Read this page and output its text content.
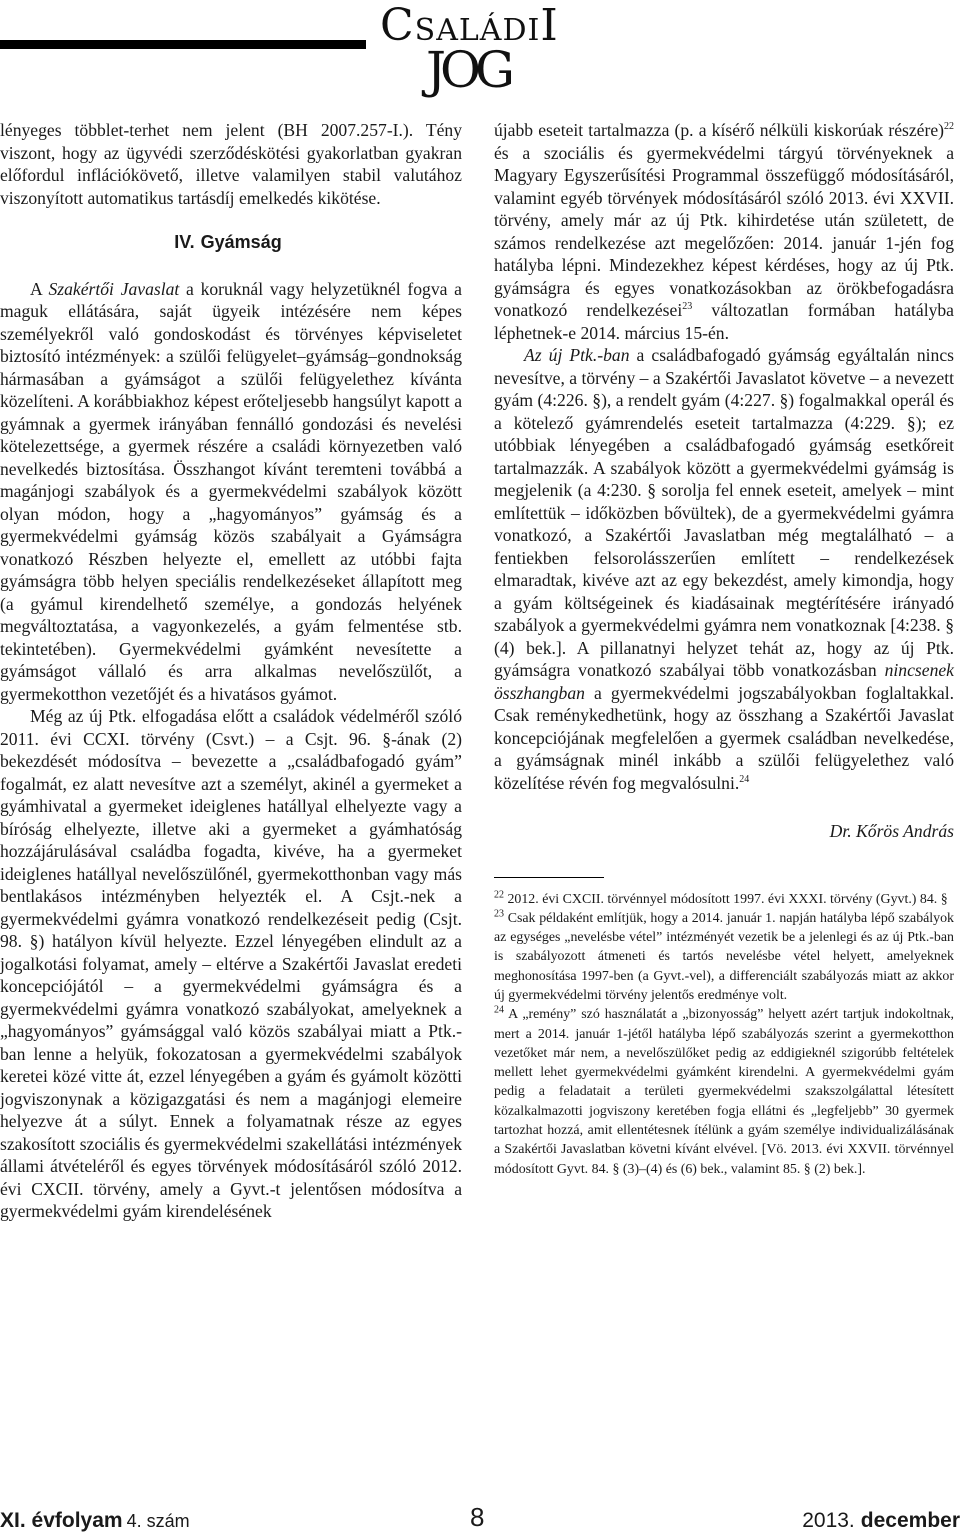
CSALÁDII
JOG

lényeges többlet-terhet nem jelent (BH 2007.257-I.). Tény viszont, hogy az ügyvédi szerződéskötési gyakorlatban gyakran előfordul inflációkövető, illetve valamilyen stabil valutához viszonyított automatikus tartásdíj emelkedés kikötése.

IV. Gyámság

A Szakértői Javaslat a koruknál vagy helyzetüknél fogva a maguk ellátására, saját ügyeik intézésére nem képes személyekről való gondoskodást és törvényes képviseletet biztosító intézmények: a szülői felügyelet–gyámság–gondnokság hármasában a gyámságot a szülői felügyelethez kívánta közelíteni. A korábbiakhoz képest erőteljesebb hangsúlyt kapott a gyámnak a gyermek irányában fennálló gondozási és nevelési kötelezettsége, a gyermek részére a családi környezetben való nevelkedés biztosítása. Összhangot kívánt teremteni továbbá a magánjogi szabályok és a gyermekvédelmi szabályok között olyan módon, hogy a „hagyományos” gyámság és a gyermekvédelmi gyámság közös szabályait a Gyámságra vonatkozó Részben helyezte el, emellett az utóbbi fajta gyámságra több helyen speciális rendelkezéseket állapított meg (a gyámul kirendelhető személye, a gondozás helyének megváltoztatása, a vagyonkezelés, a gyám felmentése stb. tekintetében). Gyermekvédelmi gyámként nevesítette a gyámságot vállaló és arra alkalmas nevelőszülőt, a gyermekotthon vezetőjét és a hivatásos gyámot.

Még az új Ptk. elfogadása előtt a családok védelméről szóló 2011. évi CCXI. törvény (Csvt.) – a Csjt. 96. §-ának (2) bekezdését módosítva – bevezette a „családbafogadó gyám” fogalmát, ez alatt nevesítve azt a személyt, akinél a gyermeket a gyámhivatal a gyermeket ideiglenes hatállyal elhelyezte vagy a bíróság elhelyezte, illetve aki a gyermeket a gyámhatóság hozzájárulásával családba fogadta, kivéve, ha a gyermeket ideiglenes hatállyal nevelőszülőnél, gyermekotthonban vagy más bentlakásos intézményben helyezték el. A Csjt.-nek a gyermekvédelmi gyámra vonatkozó rendelkezéseit pedig (Csjt. 98. §) hatályon kívül helyezte. Ezzel lényegében elindult az a jogalkotási folyamat, amely – eltérve a Szakértői Javaslat eredeti koncepciójától – a gyermekvédelmi gyámságra és a gyermekvédelmi gyámra vonatkozó szabályokat, amelyeknek a „hagyományos” gyámsággal való közös szabályai miatt a Ptk.-ban lenne a helyük, fokozatosan a gyermekvédelmi szabályok keretei közé vitte át, ezzel lényegében a gyám és gyámolt közötti jogviszonynak a közigazgatási és nem a magánjogi elemeire helyezve át a súlyt. Ennek a folyamatnak része az egyes szakosított szociális és gyermekvédelmi szakellátási intézmények állami átvételéről és egyes törvények módosításáról szóló 2012. évi CXCII. törvény, amely a Gyvt.-t jelentősen módosítva a gyermekvédelmi gyám kirendelésének

újabb eseteit tartalmazza (p. a kísérő nélküli kiskorúak részére)$^{22}$ és a szociális és gyermekvédelmi tárgyú törvényeknek a Magyary Egyszerűsítési Programmal összefüggő módosításáról, valamint egyéb törvények módosításáról szóló 2013. évi XXVII. törvény, amely már az új Ptk. kihirdetése után született, de számos rendelkezése azt megelőzően: 2014. január 1-jén fog hatályba lépni. Mindezekhez képest kérdéses, hogy az új Ptk. gyámságra és egyes vonatkozásokban az örökbefogadásra vonatkozó rendelkezései$^{23}$ változatlan formában hatályba léphetnek-e 2014. március 15-én.

Az új Ptk.-ban a családbafogadó gyámság egyáltalán nincs nevesítve, a törvény – a Szakértői Javaslatot követve – a nevezett gyám (4:226. §), a rendelt gyám (4:227. §) fogalmakkal operál és a kötelező gyámrendelés eseteit tartalmazza (4:229. §); ez utóbbiak lényegében a családbafogadó gyámság esetkőreit tartalmazzák. A szabályok között a gyermekvédelmi gyámság is megjelenik (a 4:230. § sorolja fel ennek eseteit, amelyek – mint említettük – időközben bővültek), de a gyermekvédelmi gyámra vonatkozó, a Szakértői Javaslatban még megtalálható – a fentiekben felsorolásszerűen említett – rendelkezések elmaradtak, kivéve azt az egy bekezdést, amely kimondja, hogy a gyám költségeinek és kiadásainak megtérítésére irányadó szabályok a gyermekvédelmi gyámra nem vonatkoznak [4:238. § (4) bek.]. A pillanatnyi helyzet tehát az, hogy az új Ptk. gyámságra vonatkozó szabályai több vonatkozásban nincsenek összhangban a gyermekvédelmi jogszabályokban foglaltakkal. Csak reménykedhetünk, hogy az összhang a Szakértői Javaslat koncepciójának megfelelően a gyermek családban nevelkedése, a gyámságnak minél inkább a szülői felügyelethez való közelítése révén fog megvalósulni.$^{24}$

Dr. Kőrös András

$^{22}$ 2012. évi CXCII. törvénnyel módosított 1997. évi XXXI. törvény (Gyvt.) 84. §

$^{23}$ Csak példaként említjük, hogy a 2014. január 1. napján hatályba lépő szabályok az egységes „nevelésbe vétel” intézményét vezetik be a jelenlegi és az új Ptk.-ban is szabályozott átmeneti és tartós nevelésbe vétel helyett, amelyeknek meghonosítása 1997-ben (a Gyvt.-vel), a differenciált szabályozás miatt az akkor új gyermekvédelmi törvény jelentős eredménye volt.

$^{24}$ A „remény” szó használatát a „bizonyosság” helyett azért tartjuk indokoltnak, mert a 2014. január 1-jétől hatályba lépő szabályozás szerint a gyermekotthon vezetőket már nem, a nevelőszülőket pedig az eddigieknél szigorúbb feltételek mellett lehet gyermekvédelmi gyámként kirendelni. A gyermekvédelmi gyám pedig a feladatait a területi gyermekvédelmi szakszolgálattal létesített közalkalmazotti jogviszony keretében fogja ellátni és „legfeljebb” 30 gyermek tartozhat hozzá, amit ellentétesnek ítélünk a gyám személye individualizálásának a Szakértői Javaslatban követni kívánt elvével. [Vö. 2013. évi XXVII. törvénnyel módosított Gyvt. 84. § (3)–(4) és (6) bek., valamint 85. § (2) bek.].

XI. évfolyam 4. szám	8	2013. december
